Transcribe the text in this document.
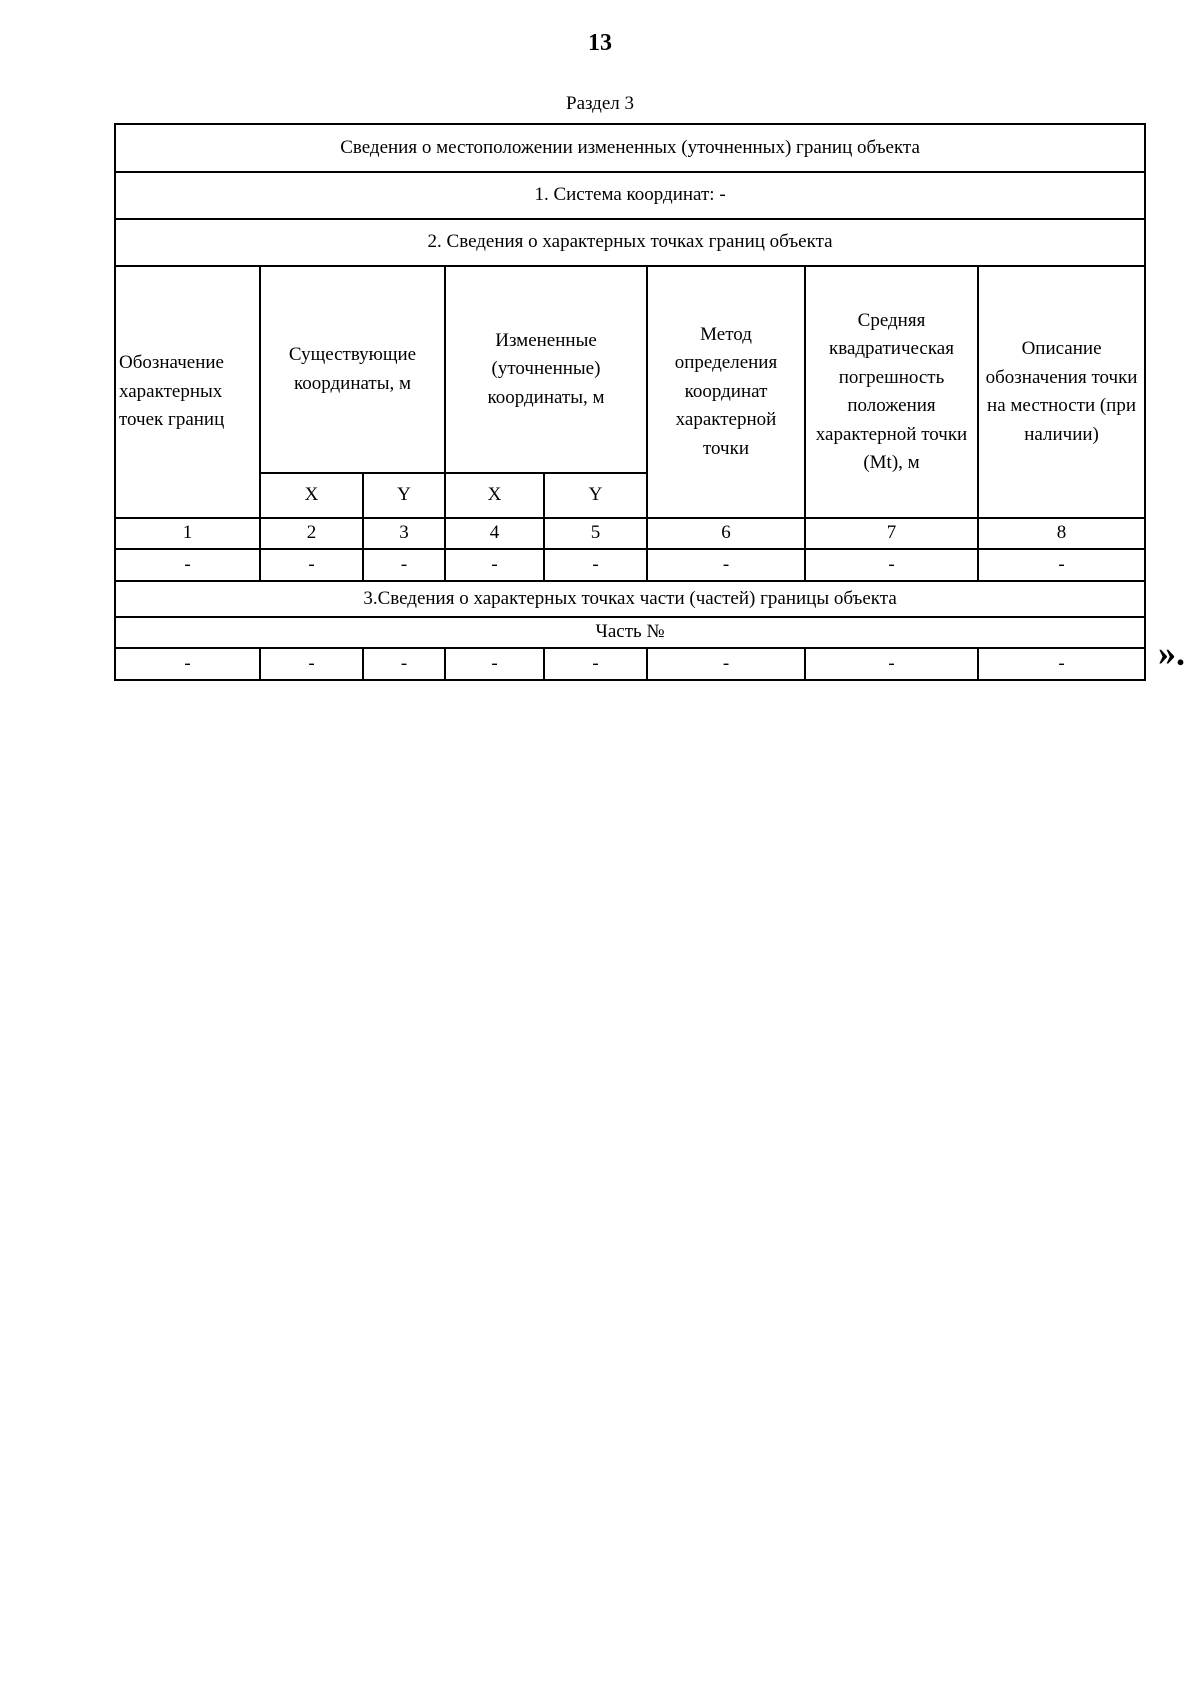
13
Раздел 3
Сведения о местоположении измененных (уточненных) границ объекта							
1. Система координат: -							
2. Сведения о характерных точках границ объекта							
Обозначение характерных точек границ	Существующие координаты, м		Измененные (уточненные) координаты, м		Метод определения координат характерной точки	Средняя квадратическая погрешность положения характерной точки (Mt), м	Описание обозначения точки на местности (при наличии)
	X	Y	X	Y			
1	2	3	4	5	6	7	8
-	-	-	-	-	-	-	-
3.Сведения о характерных точках части (частей) границы объекта							
Часть №							
-	-	-	-	-	-	-	-	».
